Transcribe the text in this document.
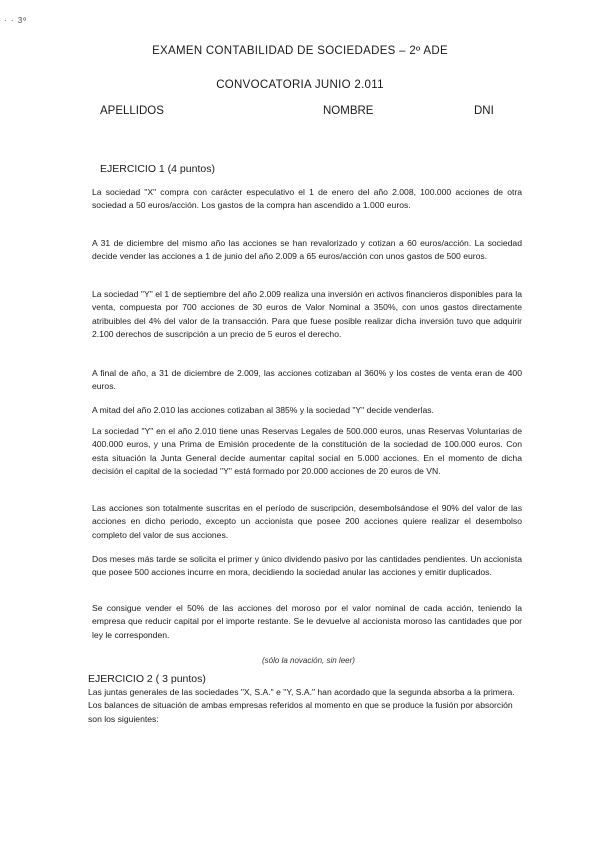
· · 3º
EXAMEN CONTABILIDAD DE SOCIEDADES – 2º ADE
CONVOCATORIA JUNIO 2.011
APELLIDOS	NOMBRE	DNI
EJERCICIO 1 (4 puntos)
La sociedad "X" compra con carácter especulativo el 1 de enero del año 2.008, 100.000 acciones de otra sociedad a 50 euros/acción. Los gastos de la compra han ascendido a 1.000 euros.
A 31 de diciembre del mismo año las acciones se han revalorizado y cotizan a 60 euros/acción. La sociedad decide vender las acciones a 1 de junio del año 2.009 a 65 euros/acción con unos gastos de 500 euros.
La sociedad "Y" el 1 de septiembre del año 2.009 realiza una inversión en activos financieros disponibles para la venta, compuesta por 700 acciones de 30 euros de Valor Nominal a 350%, con unos gastos directamente atribuibles del 4% del valor de la transacción. Para que fuese posible realizar dicha inversión tuvo que adquirir 2.100 derechos de suscripción a un precio de 5 euros el derecho.
A final de año, a 31 de diciembre de 2.009, las acciones cotizaban al 360% y los costes de venta eran de 400 euros.
A mitad del año 2.010 las acciones cotizaban al 385% y la sociedad "Y" decide venderlas.
La sociedad "Y" en el año 2.010 tiene unas Reservas Legales de 500.000 euros, unas Reservas Voluntarias de 400.000 euros, y una Prima de Emisión procedente de la constitución de la sociedad de 100.000 euros. Con esta situación la Junta General decide aumentar capital social en 5.000 acciones. En el momento de dicha decisión el capital de la sociedad "Y" está formado por 20.000 acciones de 20 euros de VN.
Las acciones son totalmente suscritas en el período de suscripción, desembolsándose el 90% del valor de las acciones en dicho periodo, excepto un accionista que posee 200 acciones quiere realizar el desembolso completo del valor de sus acciones.
Dos meses más tarde se solicita el primer y único dividendo pasivo por las cantidades pendientes. Un accionista que posee 500 acciones incurre en mora, decidiendo la sociedad anular las acciones y emitir duplicados.
Se consigue vender el 50% de las acciones del moroso por el valor nominal de cada acción, teniendo la empresa que reducir capital por el importe restante. Se le devuelve al accionista moroso las cantidades que por ley le corresponden.
(sólo la novación, sin leer)
EJERCICIO 2 ( 3 puntos)
Las juntas generales de las sociedades "X, S.A." e "Y, S.A." han acordado que la segunda absorba a la primera. Los balances de situación de ambas empresas referidos al momento en que se produce la fusión por absorción son los siguientes:
